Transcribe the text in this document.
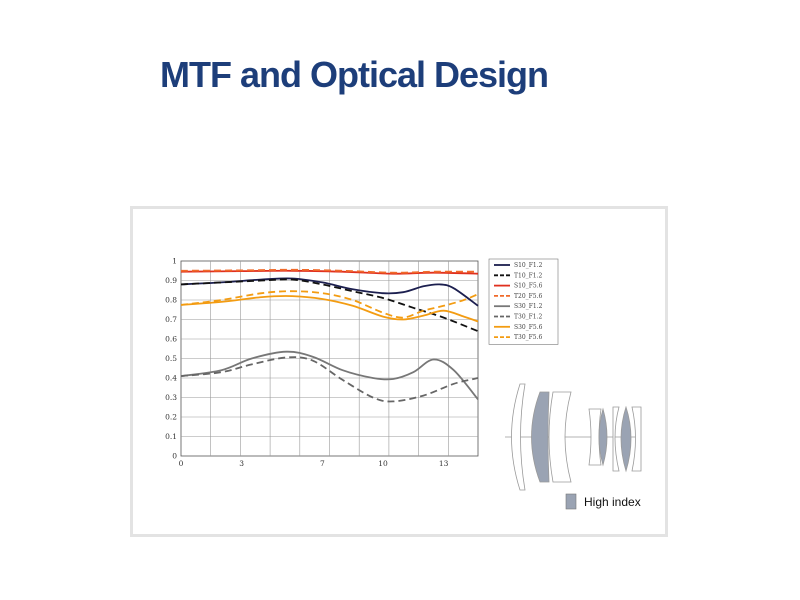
MTF and Optical Design
0
0.1
0.2
0.3
0.4
0.5
0.6
0.7
0.8
0.9
1
0	3	7	10	13
S10_F1.2
T10_F1.2
S10_F5.6
T20_F5.6
S30_F1.2
T30_F1.2
S30_F5.6
T30_F5.6
High index
